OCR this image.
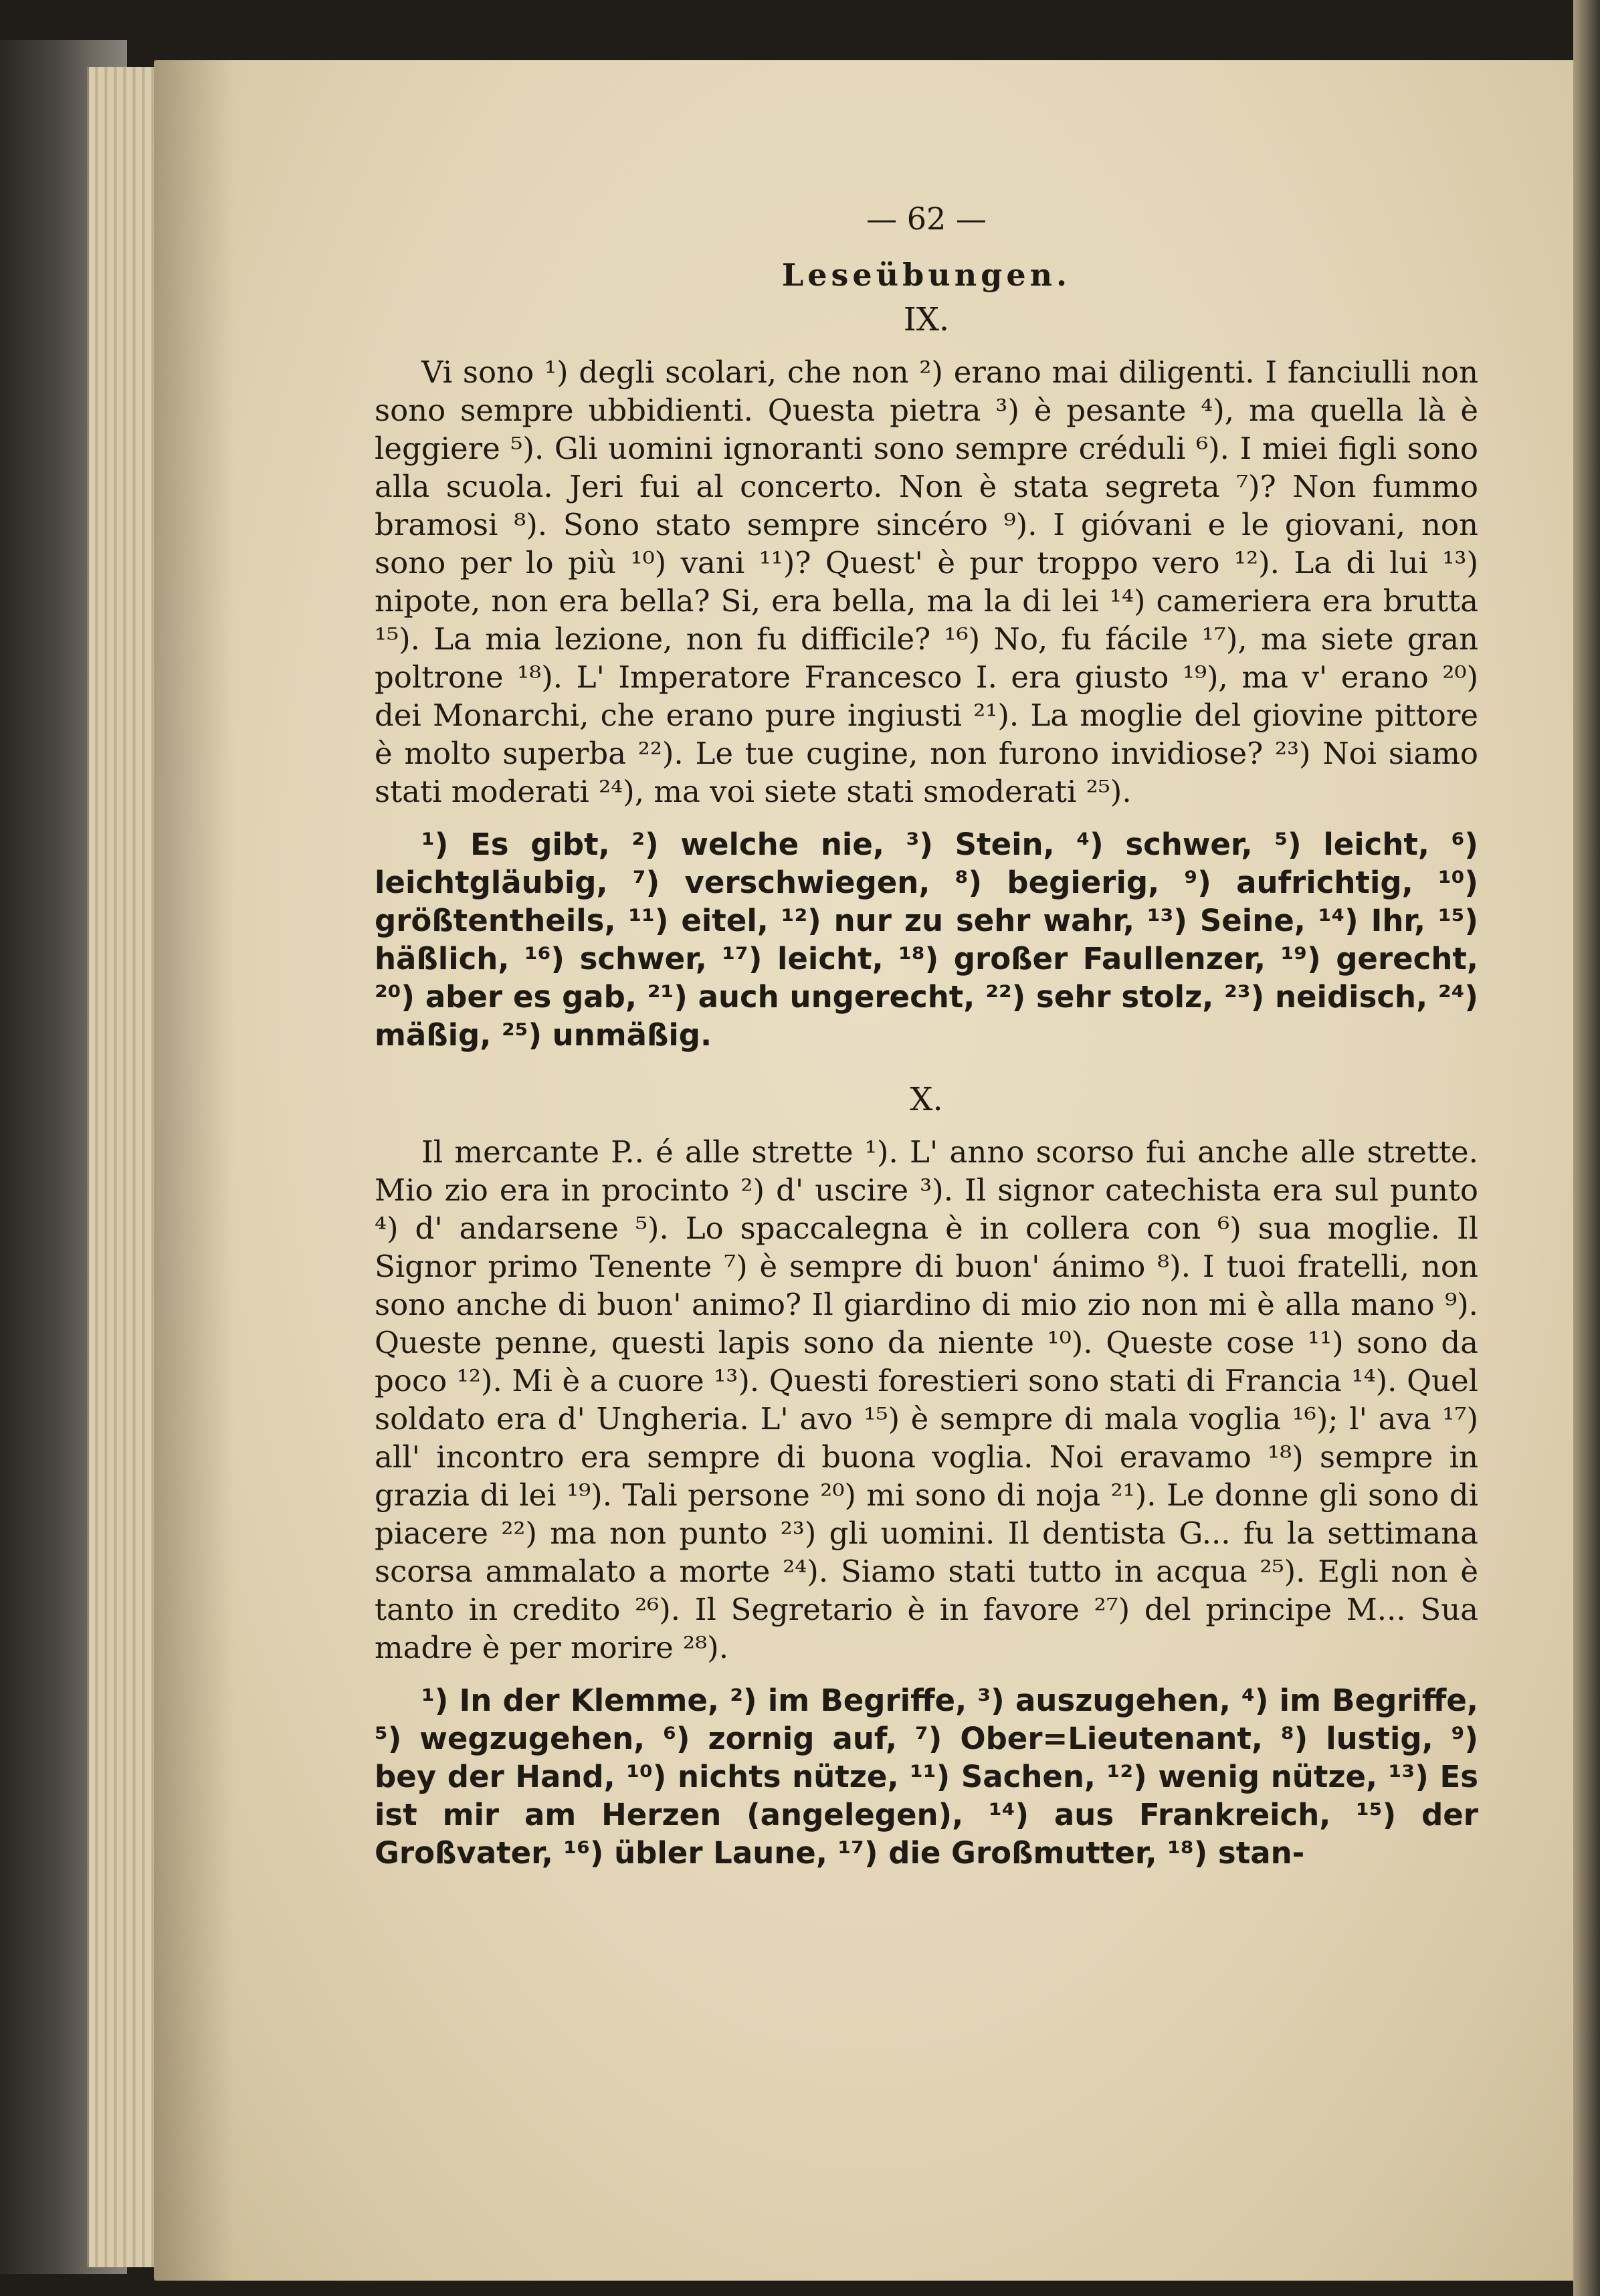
— 62 —
Leseübungen.
IX.

Vi sono ¹) degli scolari, che non ²) erano mai diligenti. I fanciulli non sono sempre ubbidienti. Questa pietra ³) è pesante ⁴), ma quella là è leggiere ⁵). Gli uomini ignoranti sono sempre créduli ⁶). I miei figli sono alla scuola. Jeri fui al concerto. Non è stata segreta ⁷)? Non fummo bramosi ⁸). Sono stato sempre sincéro ⁹). I gióvani e le giovani, non sono per lo più ¹⁰) vani ¹¹)? Quest' è pur troppo vero ¹²). La di lui ¹³) nipote, non era bella? Si, era bella, ma la di lei ¹⁴) cameriera era brutta ¹⁵). La mia lezione, non fu difficile? ¹⁶) No, fu fácile ¹⁷), ma siete gran poltrone ¹⁸). L' Imperatore Francesco I. era giusto ¹⁹), ma v' erano ²⁰) dei Monarchi, che erano pure ingiusti ²¹). La moglie del giovine pittore è molto superba ²²). Le tue cugine, non furono invidiose? ²³) Noi siamo stati moderati ²⁴), ma voi siete stati smoderati ²⁵).

¹) Es gibt, ²) welche nie, ³) Stein, ⁴) schwer, ⁵) leicht, ⁶) leichtgläubig, ⁷) verschwiegen, ⁸) begierig, ⁹) aufrichtig, ¹⁰) größtentheils, ¹¹) eitel, ¹²) nur zu sehr wahr, ¹³) Seine, ¹⁴) Ihr, ¹⁵) häßlich, ¹⁶) schwer, ¹⁷) leicht, ¹⁸) großer Faullenzer, ¹⁹) gerecht, ²⁰) aber es gab, ²¹) auch ungerecht, ²²) sehr stolz, ²³) neidisch, ²⁴) mäßig, ²⁵) unmäßig.

X.

Il mercante P.. é alle strette ¹). L' anno scorso fui anche alle strette. Mio zio era in procinto ²) d' uscire ³). Il signor catechista era sul punto ⁴) d' andarsene ⁵). Lo spaccalegna è in collera con ⁶) sua moglie. Il Signor primo Tenente ⁷) è sempre di buon' ánimo ⁸). I tuoi fratelli, non sono anche di buon' animo? Il giardino di mio zio non mi è alla mano ⁹). Queste penne, questi lapis sono da niente ¹⁰). Queste cose ¹¹) sono da poco ¹²). Mi è a cuore ¹³). Questi forestieri sono stati di Francia ¹⁴). Quel soldato era d' Ungheria. L' avo ¹⁵) è sempre di mala voglia ¹⁶); l' ava ¹⁷) all' incontro era sempre di buona voglia. Noi eravamo ¹⁸) sempre in grazia di lei ¹⁹). Tali persone ²⁰) mi sono di noja ²¹). Le donne gli sono di piacere ²²) ma non punto ²³) gli uomini. Il dentista G... fu la settimana scorsa ammalato a morte ²⁴). Siamo stati tutto in acqua ²⁵). Egli non è tanto in credito ²⁶). Il Segretario è in favore ²⁷) del principe M... Sua madre è per morire ²⁸).

¹) In der Klemme, ²) im Begriffe, ³) auszugehen, ⁴) im Begriffe, ⁵) wegzugehen, ⁶) zornig auf, ⁷) Ober=Lieutenant, ⁸) lustig, ⁹) bey der Hand, ¹⁰) nichts nütze, ¹¹) Sachen, ¹²) wenig nütze, ¹³) Es ist mir am Herzen (angelegen), ¹⁴) aus Frankreich, ¹⁵) der Großvater, ¹⁶) übler Laune, ¹⁷) die Großmutter, ¹⁸) stan-
